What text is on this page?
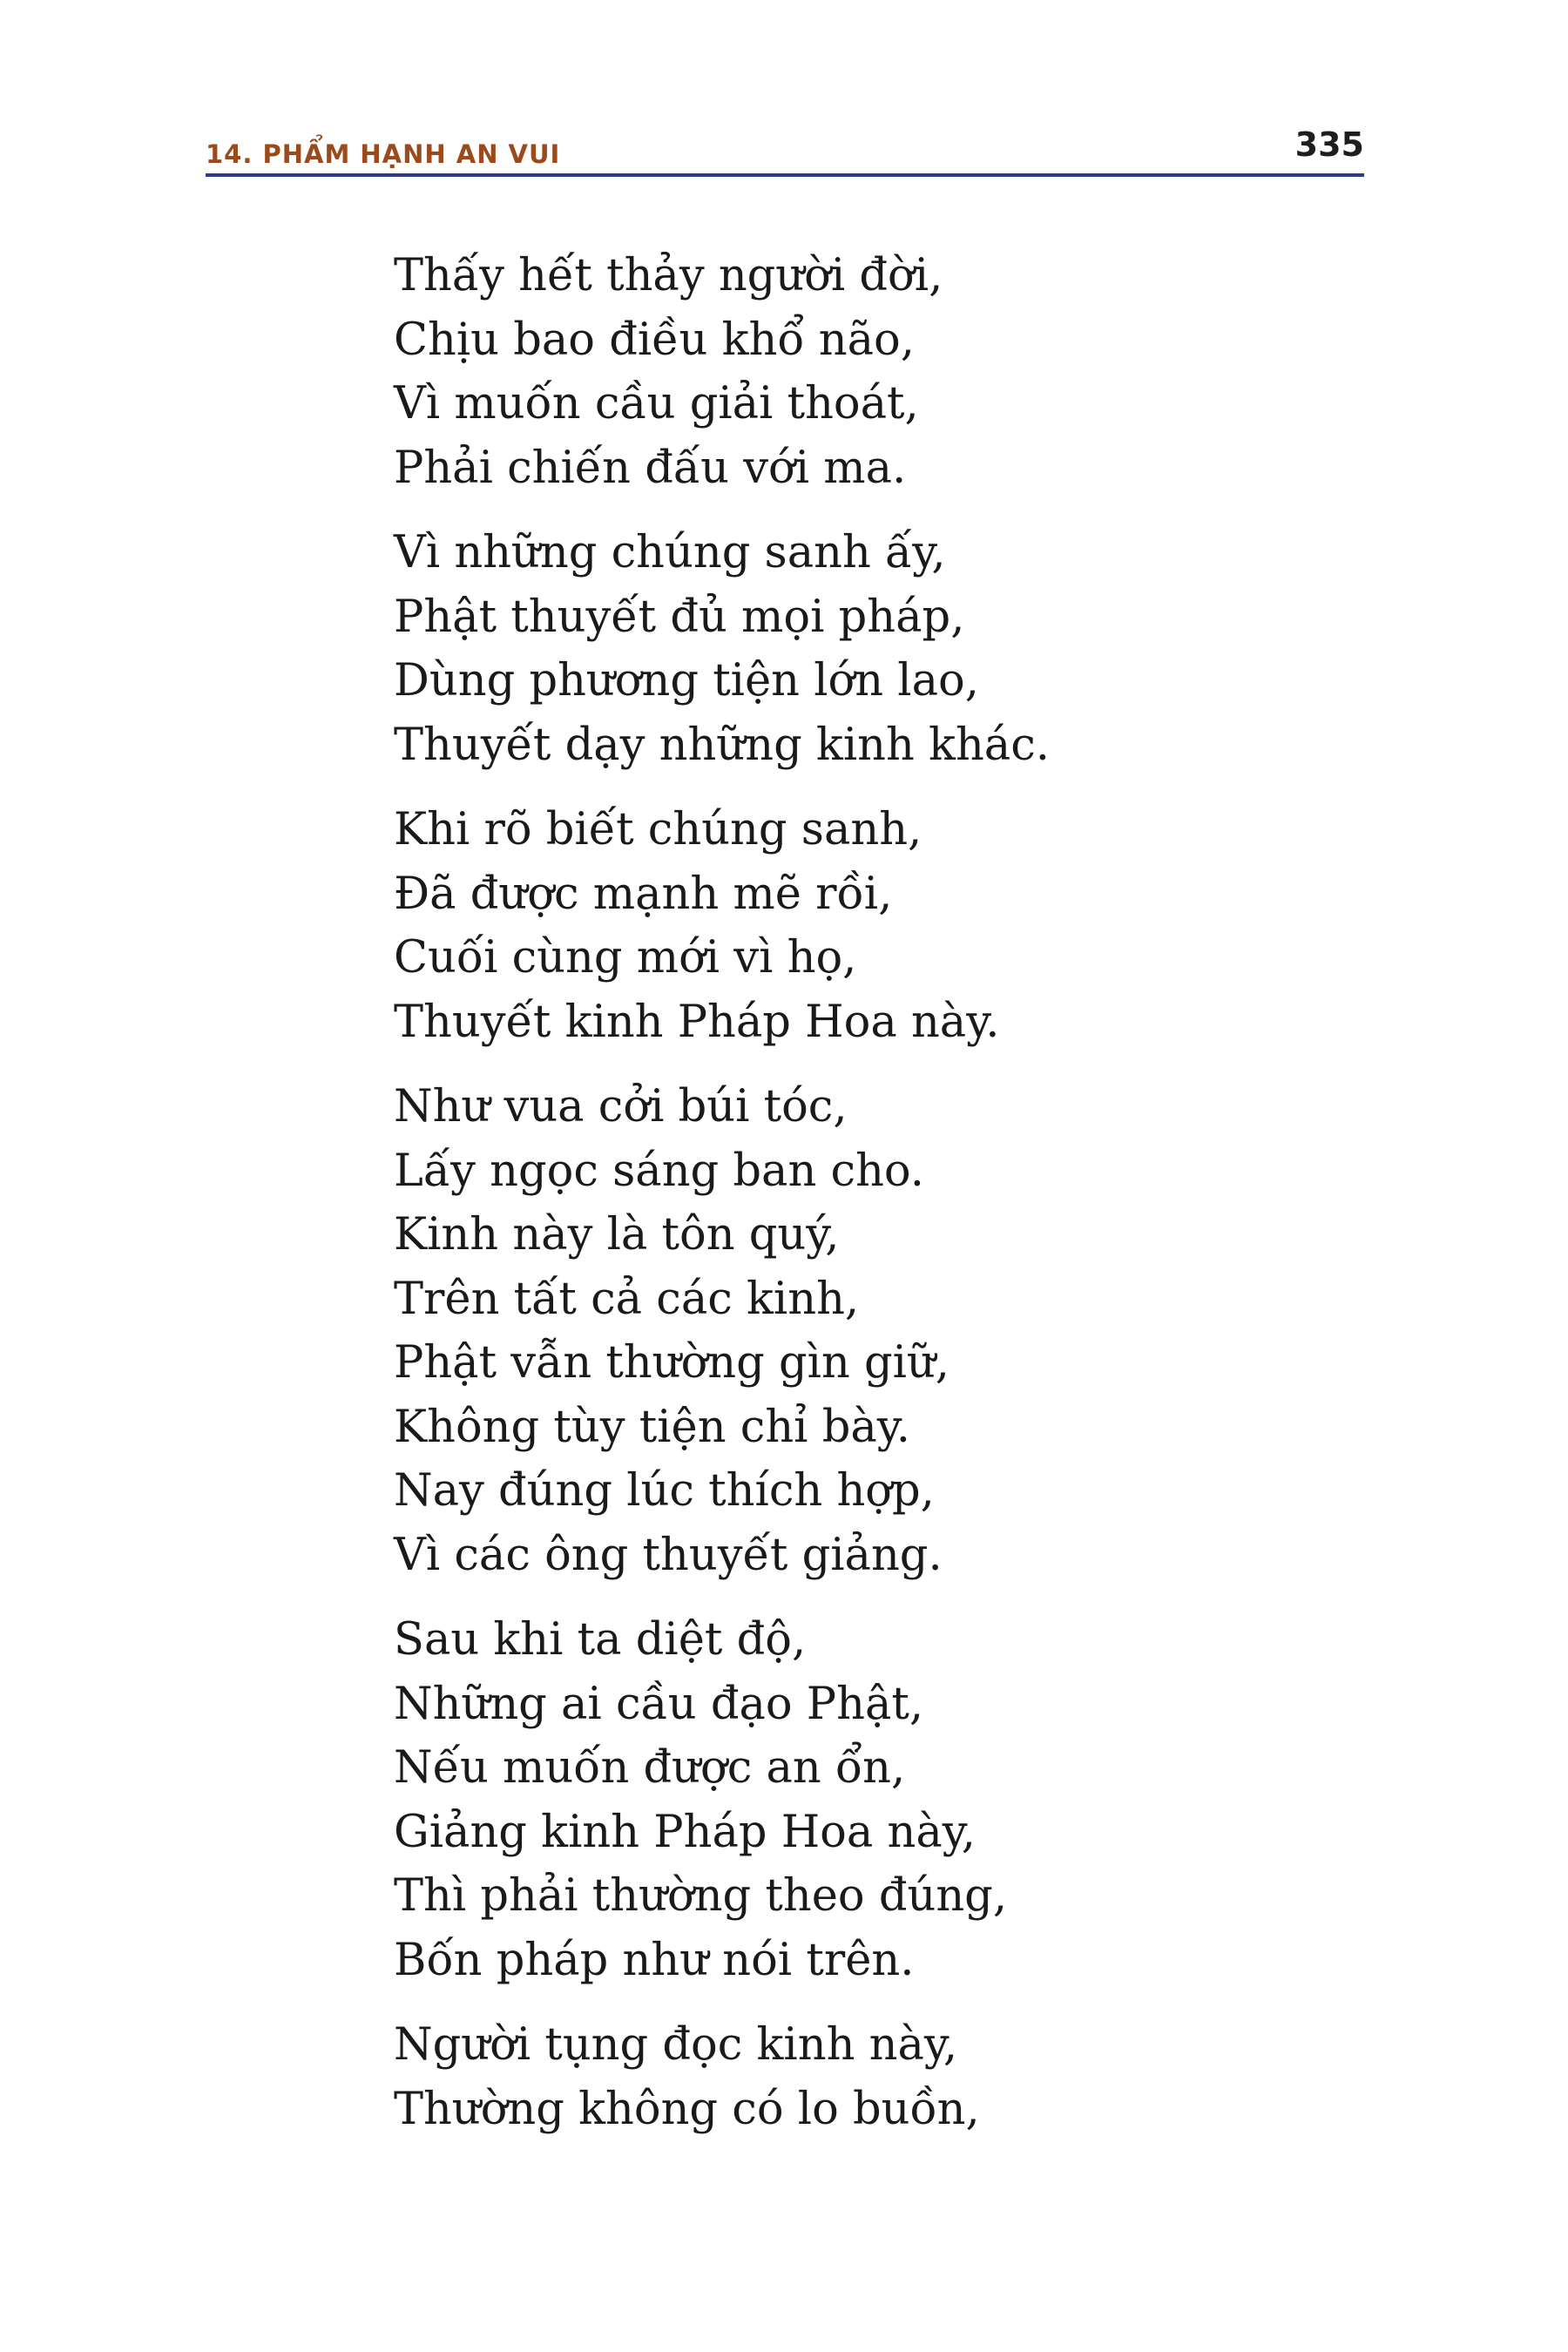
14. PHẨM HẠNH AN VUI	335
Thấy hết thảy người đời,
Chịu bao điều khổ não,
Vì muốn cầu giải thoát,
Phải chiến đấu với ma.
Vì những chúng sanh ấy,
Phật thuyết đủ mọi pháp,
Dùng phương tiện lớn lao,
Thuyết dạy những kinh khác.
Khi rõ biết chúng sanh,
Đã được mạnh mẽ rồi,
Cuối cùng mới vì họ,
Thuyết kinh Pháp Hoa này.
Như vua cởi búi tóc,
Lấy ngọc sáng ban cho.
Kinh này là tôn quý,
Trên tất cả các kinh,
Phật vẫn thường gìn giữ,
Không tùy tiện chỉ bày.
Nay đúng lúc thích hợp,
Vì các ông thuyết giảng.
Sau khi ta diệt độ,
Những ai cầu đạo Phật,
Nếu muốn được an ổn,
Giảng kinh Pháp Hoa này,
Thì phải thường theo đúng,
Bốn pháp như nói trên.
Người tụng đọc kinh này,
Thường không có lo buồn,
